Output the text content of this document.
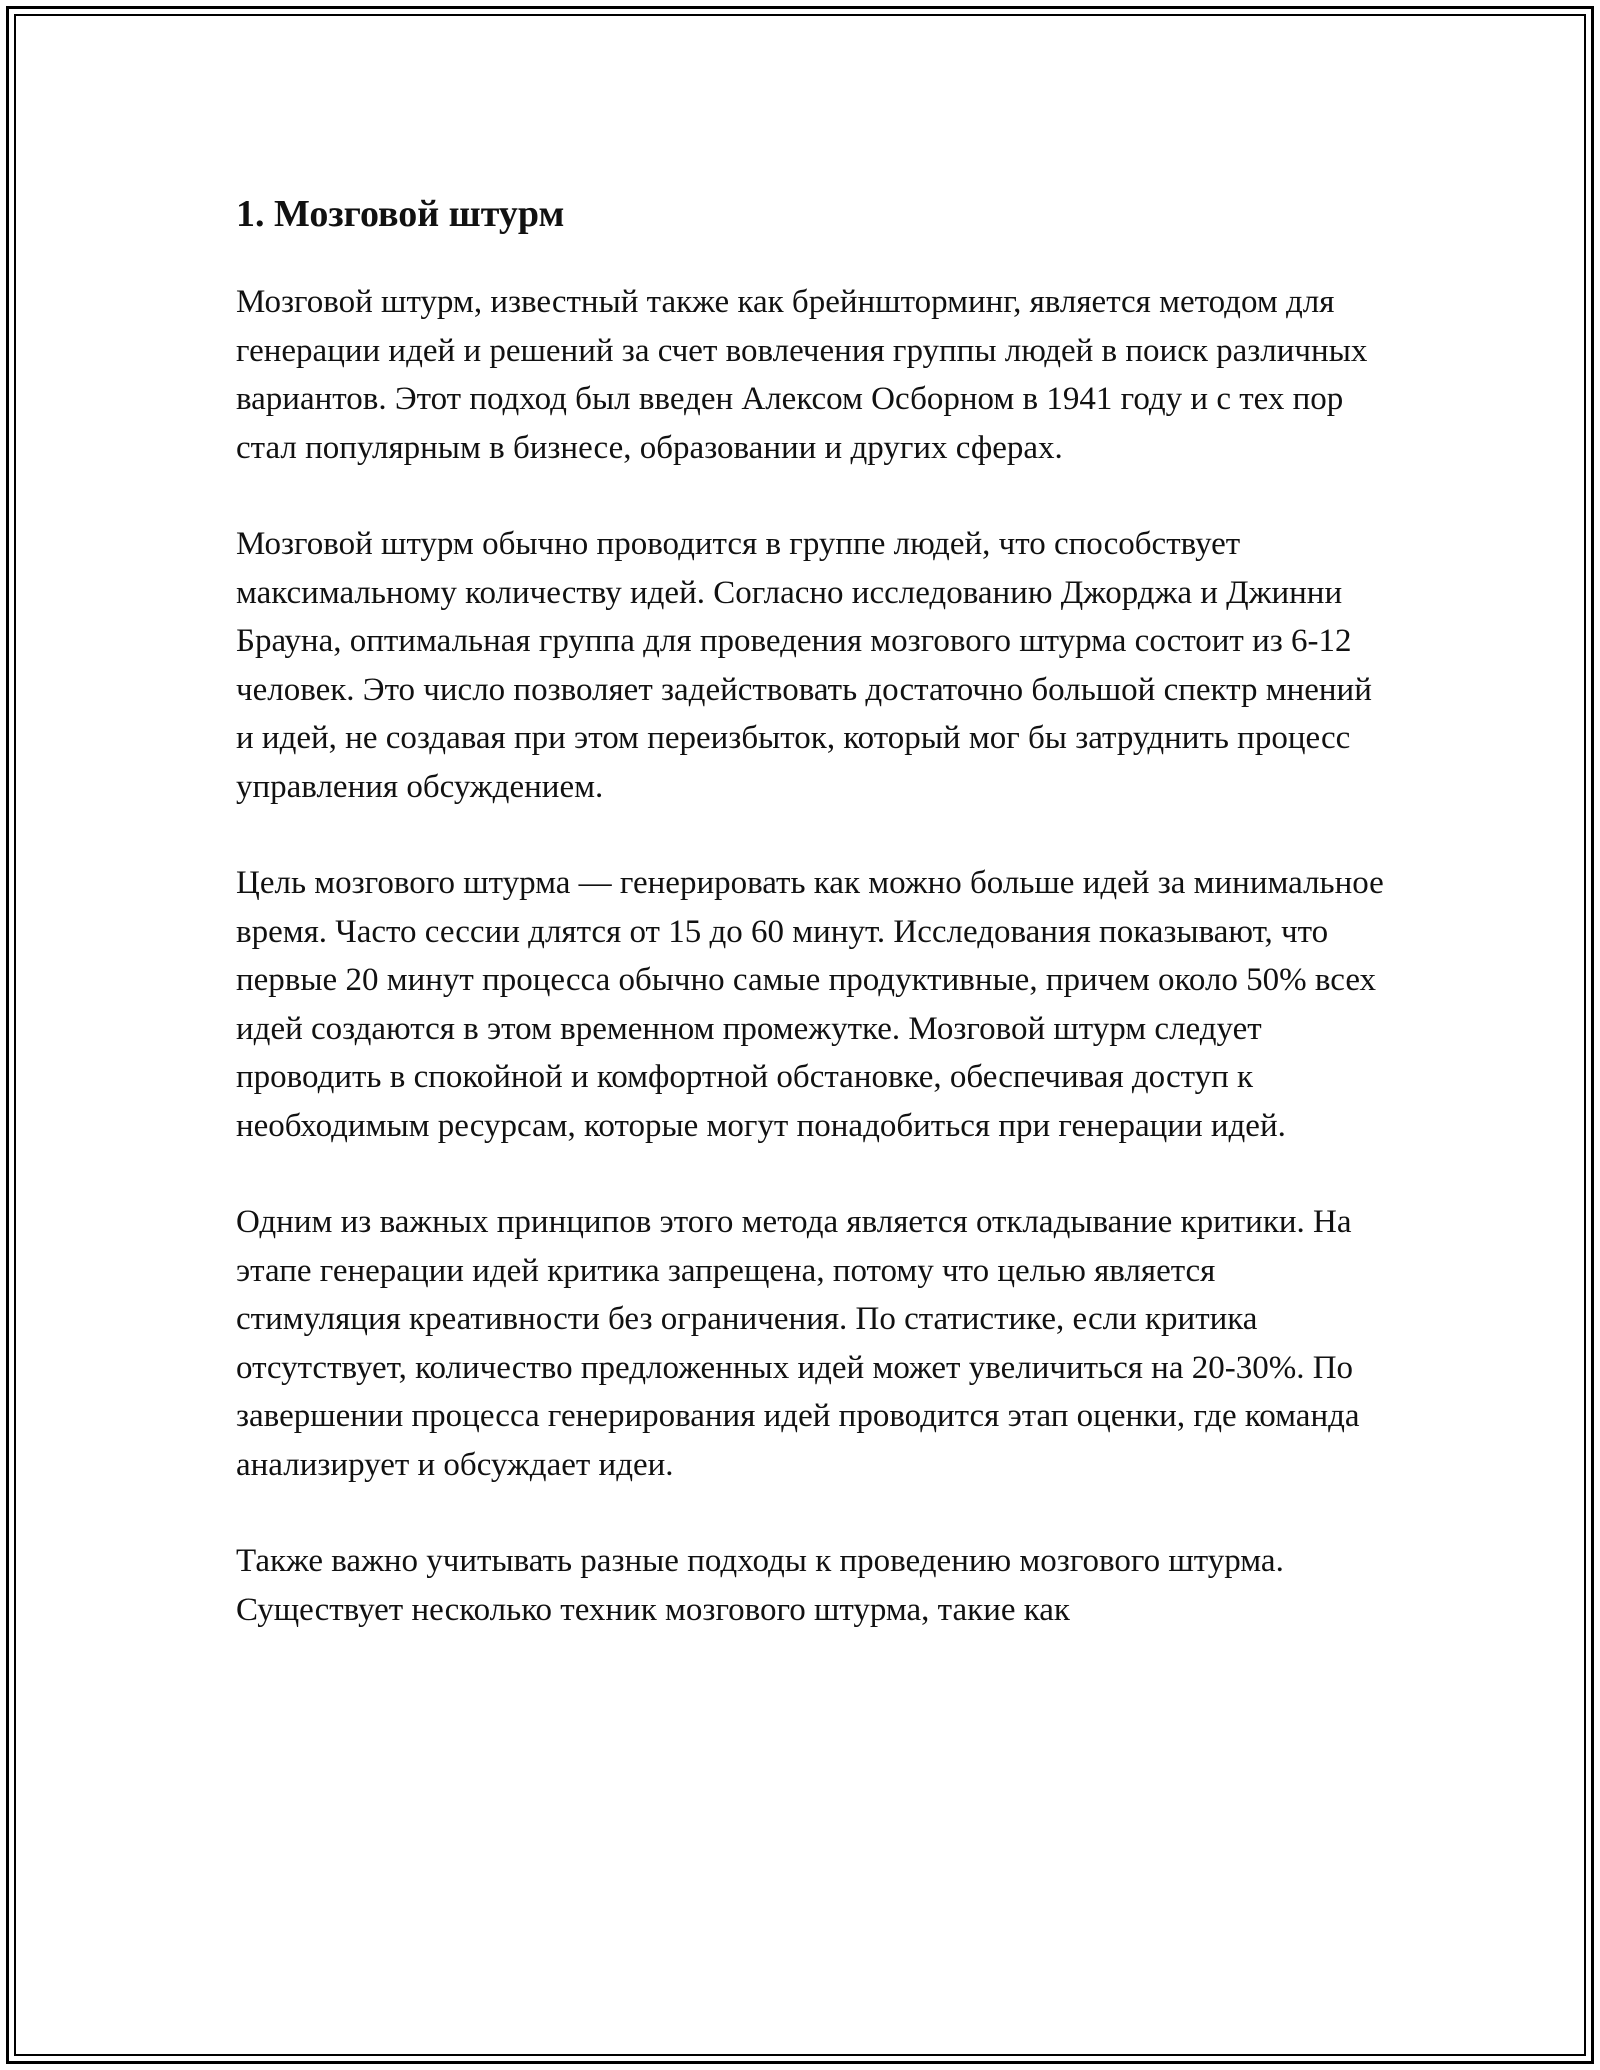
1. Мозговой штурм

Мозговой штурм, известный также как брейншторминг, является методом для генерации идей и решений за счет вовлечения группы людей в поиск различных вариантов. Этот подход был введен Алексом Осборном в 1941 году и с тех пор стал популярным в бизнесе, образовании и других сферах.

Мозговой штурм обычно проводится в группе людей, что способствует максимальному количеству идей. Согласно исследованию Джорджа и Джинни Брауна, оптимальная группа для проведения мозгового штурма состоит из 6-12 человек. Это число позволяет задействовать достаточно большой спектр мнений и идей, не создавая при этом переизбыток, который мог бы затруднить процесс управления обсуждением.

Цель мозгового штурма — генерировать как можно больше идей за минимальное время. Часто сессии длятся от 15 до 60 минут. Исследования показывают, что первые 20 минут процесса обычно самые продуктивные, причем около 50% всех идей создаются в этом временном промежутке. Мозговой штурм следует проводить в спокойной и комфортной обстановке, обеспечивая доступ к необходимым ресурсам, которые могут понадобиться при генерации идей.

Одним из важных принципов этого метода является откладывание критики. На этапе генерации идей критика запрещена, потому что целью является стимуляция креативности без ограничения. По статистике, если критика отсутствует, количество предложенных идей может увеличиться на 20-30%. По завершении процесса генерирования идей проводится этап оценки, где команда анализирует и обсуждает идеи.

Также важно учитывать разные подходы к проведению мозгового штурма. Существует несколько техник мозгового штурма, такие как
